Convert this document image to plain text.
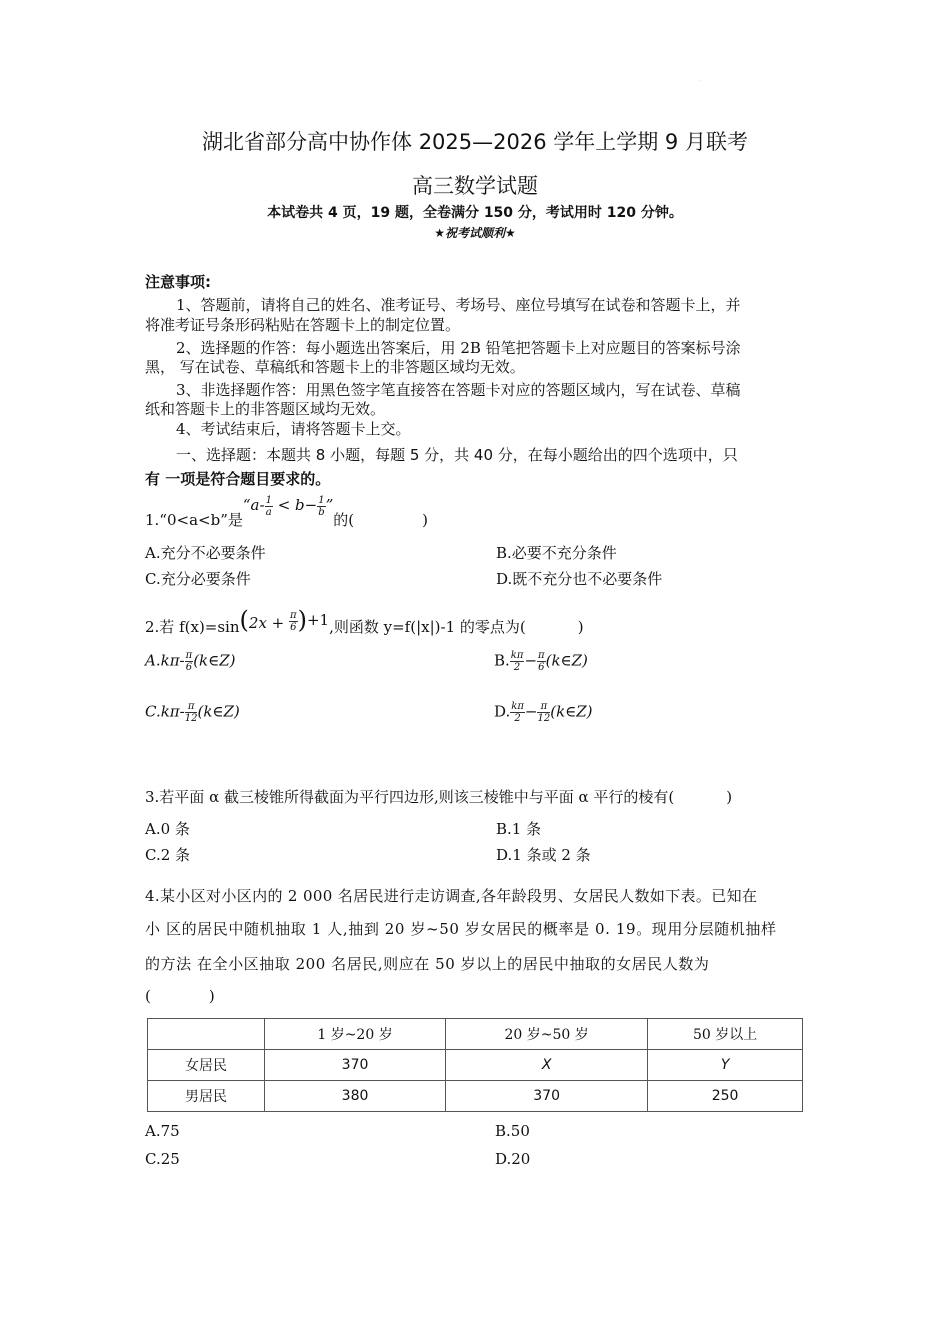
·
湖北省部分高中协作体 2025—2026 学年上学期 9 月联考
高三数学试题
本试卷共 4 页，19 题，全卷满分 150 分，考试用时 120 分钟。
★祝考试顺利★
注意事项:
1、答题前，请将自己的姓名、准考证号、考场号、座位号填写在试卷和答题卡上，并
将准考证号条形码粘贴在答题卡上的制定位置。
2、选择题的作答：每小题选出答案后，用 2B 铅笔把答题卡上对应题目的答案标号涂
黑， 写在试卷、草稿纸和答题卡上的非答题区域均无效。
3、非选择题作答：用黑色签字笔直接答在答题卡对应的答题区域内，写在试卷、草稿
纸和答题卡上的非答题区域均无效。
4、考试结束后，请将答题卡上交。
一、选择题：本题共 8 小题，每题 5 分，共 40 分，在每小题给出的四个选项中，只
有 一项是符合题目要求的。
1.“0<a<b”是“$a- \frac{1}{a} < b- \frac{1}{b}$ ”的(	)
A.充分不必要条件	B.必要不充分条件
C.充分必要条件	D.既不充分也不必要条件
2.若 $f(x)=\sin(2x + \frac{\pi}{6} )+1$,则函数 y=f(|x|)-1 的零点为(	)
$A.k\pi- \frac{\pi}{6}$ (k∈Z)	B. $\frac{k\pi}{2} - \frac{\pi}{6}$ (k∈Z)
$C.k\pi- \frac{\pi}{12}$ (k∈Z)	D. $\frac{k\pi}{2} - \frac{\pi}{12}$ (k∈Z)
3.若平面 α 截三棱锥所得截面为平行四边形,则该三棱锥中与平面 α 平行的棱有(	)
A.0 条	B.1 条
C.2 条	D.1 条或 2 条
4.某小区对小区内的 2 000 名居民进行走访调查,各年龄段男、女居民人数如下表。已知在
小 区的居民中随机抽取 1 人,抽到 20 岁~50 岁女居民的概率是 0. 19。现用分层随机抽样
的方法 在全小区抽取 200 名居民,则应在 50 岁以上的居民中抽取的女居民人数为
(	)
	1 岁~20 岁	20 岁~50 岁	50 岁以上
女居民	370	X	Y
男居民	380	370	250
A.75	B.50
C.25	D.20
